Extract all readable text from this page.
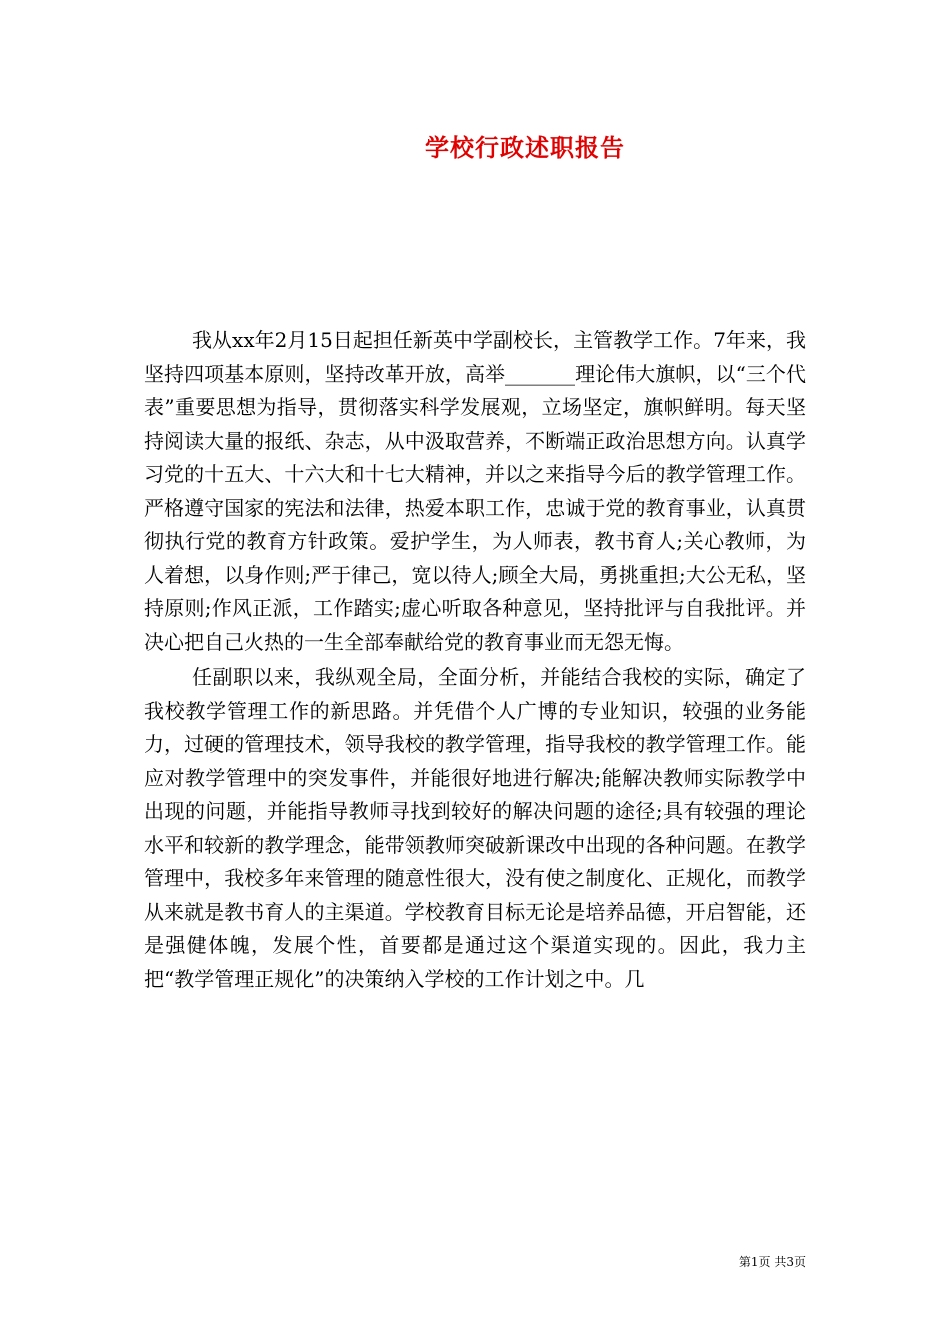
学校行政述职报告

我从xx年2月15日起担任新英中学副校长，主管教学工作。7年来，我坚持四项基本原则，坚持改革开放，高举_______理论伟大旗帜，以“三个代表”重要思想为指导，贯彻落实科学发展观，立场坚定，旗帜鲜明。每天坚持阅读大量的报纸、杂志，从中汲取营养，不断端正政治思想方向。认真学习党的十五大、十六大和十七大精神，并以之来指导今后的教学管理工作。严格遵守国家的宪法和法律，热爱本职工作，忠诚于党的教育事业，认真贯彻执行党的教育方针政策。爱护学生，为人师表，教书育人;关心教师，为人着想，以身作则;严于律己，宽以待人;顾全大局，勇挑重担;大公无私，坚持原则;作风正派，工作踏实;虚心听取各种意见，坚持批评与自我批评。并决心把自己火热的一生全部奉献给党的教育事业而无怨无悔。

任副职以来，我纵观全局，全面分析，并能结合我校的实际，确定了我校教学管理工作的新思路。并凭借个人广博的专业知识，较强的业务能力，过硬的管理技术，领导我校的教学管理，指导我校的教学管理工作。能应对教学管理中的突发事件，并能很好地进行解决;能解决教师实际教学中出现的问题，并能指导教师寻找到较好的解决问题的途径;具有较强的理论水平和较新的教学理念，能带领教师突破新课改中出现的各种问题。在教学管理中，我校多年来管理的随意性很大，没有使之制度化、正规化，而教学从来就是教书育人的主渠道。学校教育目标无论是培养品德，开启智能，还是强健体魄，发展个性，首要都是通过这个渠道实现的。因此，我力主把“教学管理正规化”的决策纳入学校的工作计划之中。几

第1页 共3页
